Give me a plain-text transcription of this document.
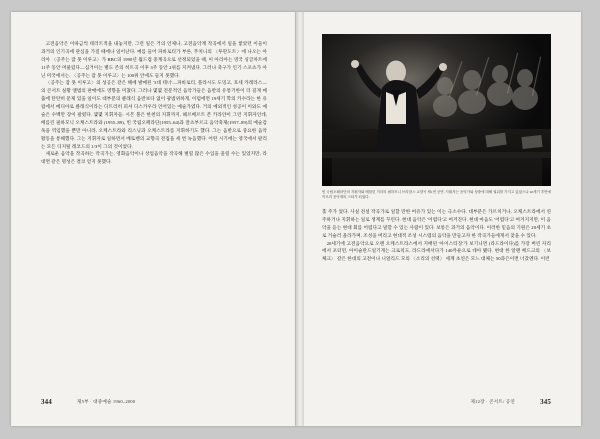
고전음악은 이따금씩 테러트적을 내놓지만, 그런 일은 거의 언제나, 고전음악계 작곡에서 일을 쌓았던 이들이 과거의 인기곡에 관심을 가질 때에나 일어난다. 예를 들어 파바로티가 부른, 푸치니의 〈투란도트〉에 나오는 아리아 〈공주는 잠 못 이루고〉가 BBC의 1990년 월드컵 중계곡으로 선정되었을 때, 이 아리아는 영국 싱글차트에 11주 동안 머물렀다—십거이는 별도 존의 히트곡 이후 3주 동안 2위를 지켜냈다. 그러나 축구가 인기 스포츠가 아닌 미국에서는, 〈공주는 잠 못 이루고〉는 100위 안에도 들지 못했다.

〈공주는 잠 못 이루고〉의 성공은 같은 해에 발매된 '3대 테너'—파바로티, 플라시도 도밍고, 호세 카레라스—의 콘서트 실황 앨범의 판매에도 영향을 미쳤다. 그러나 몇몇 전문적인 음악가들은 음반의 유통기한이 더 길게 매출에 탄탄히 문제 있을 일이도 대부분의 클래식 음반보다 없이 광범위하게, 이럼에면 19세기 학의 카수라는 한 유럽에서 메디아로 클래식이라는 디트리히 피셔 디스카우라 언어있는 예술가였다. 거의 예외적인 성공이 이와도 예술은 수백만 장이 팔렸다. 몇몇 지휘자들: 시몬 볼은 한천의 지휘까지, 헤르베르트 폰 카라얀이 그런 지휘자인데, 베를린 필하모닉 오케스트라와 (1955–89), 빈 국립오페라단(1955–64)과 잘츠부르크 음악축제(1957–89)의 예술감독을 역임했을 뿐만 아니라, 오케스트라와 리스닝과 오케스트라를 지휘하기도 했다. 그는 음반으로 중요한 음악 활동을 통해했다. 그는 지휘자로 일하면서 베토벤의 교향곡 전집을 세 번 녹음했다. 어떤 시기에는 영국에서 팔리는 모든 디지털 레코드의 1/3이 그의 것이었다.

새로운 음악을 작곡하는 작곡가는, 영화음악이나 상업음악을 작곡해 벌릴 많은 수입을 올릴 수는 있었지만, 라대면 같은 명성은 결코 얻지 못했다.

344	제5부 · 대중예술 1960–2000
빈 국립오페라단의 지휘자와 베를린 거리의 필하모니 브라함스 교향곡 제1번 공연. 지휘자는 음악가와 청중에 대해 권위를 가지고 있었으나 20세기 후반에 이르러 음악계의 스타가 되었다.

홀 주가 었다. 사실 전설 작곡가로 일할 만한 여유가 있는 이는 극소수다. 대부분은 가르치거나, 오케스트라에서 연주하거나 지휘하는 일로 생계를 꾸린다. 현대 음악은 '어렵다'고 여겨진다. 현대 마음도 '어렵다'고 여겨지지만, 이 음악을 듣는 현대 회를 어렵다고 말할 수 있는 사람이 있다. 보통은 과거의 음악이다. 이러한 믿음의 기원은 20세기 초로 거슬러 올라가며, 조성을 버리고 현대적 조성 시스템의 음악을 만들고자 한 작곡가들에게서 찾을 수 있다.

20세기에 고전음악으로 오랜 오케스트라스에서 지배된 '아이스티징'가 보기니면 (라드라이다)를 가장 버린 자리에서 포터먼, 아이슬란드일기게는 크로픽도, 라드라에서다가 140까운으로 데아 됐다. 현대 한 알랜 베드크의 〈보체크〉 같은 한대의 고전이나 니얼리드 모의 〈소리의 선택〉 세계 초연은 모느 대체는 50과은이면 너갔멘다. 이런

345
제12장 · 콘서트/ 공연
